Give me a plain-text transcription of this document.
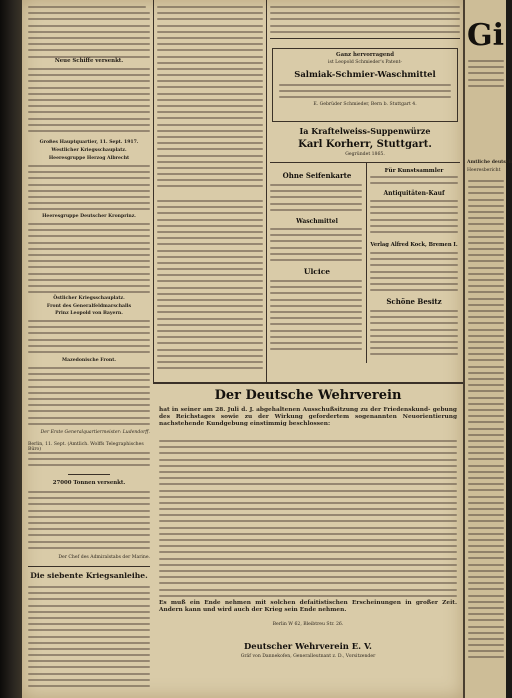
Neue Schiffe versenkt.

Großes Hauptquartier, 11. Sept. 1917.

Westlicher Kriegsschauplatz.

Heeresgruppe Herzog Albrecht

Heeresgruppe Deutscher Kronprinz.

Östlicher Kriegsschauplatz.

Front des Generalfeldmarschalls

Prinz Leopold von Bayern.

Mazedonische Front.

Der Erste Generalquartiermeister: Ludendorff.

Berlin, 11. Sept. (Amtlich. Wolffs Telegraphisches Büro)

27000 Tonnen versenkt.

Der Chef des Admiralstabs der Marine.

Die siebente Kriegsanleihe.

Ganz hervorragend

ist Leopold Schmieder's Patent-

Salmiak-Schmier-Waschmittel

E. Gebrüder Schmieder, Bern b. Stuttgart 4.

Ia Kraftelweiss-Suppenwürze

Karl Korherr, Stuttgart.

Gegründet 1865.

Ohne Seifenkarte

Waschmittel

Ulcice

Für Kunstsammler

Antiquitäten-Kauf

Verlag Alfred Kock, Bremen I.

Schöne Besitz

Der Deutsche Wehrverein

hat in seiner am 28. Juli d. J. abgehaltenen Ausschußsitzung zu der Friedenskund- gebung des Reichstages sowie zu der Wirkung gefordertem sogenannten Neuorientierung nachstehende Kundgebung einstimmig beschlossen:

Es muß ein Ende nehmen mit solchen defaitistischen Erscheinungen in großer Zeit. Andern kann und wird auch der Krieg sein Ende nehmen.

Berlin W 62, Bleibtreu Str. 26.

Deutscher Wehrverein E. V.

Gräf von Dannekofen, Generalleutnant z. D., Vorsitzender

Gi

Amtliche deutsch

Heeresbericht
